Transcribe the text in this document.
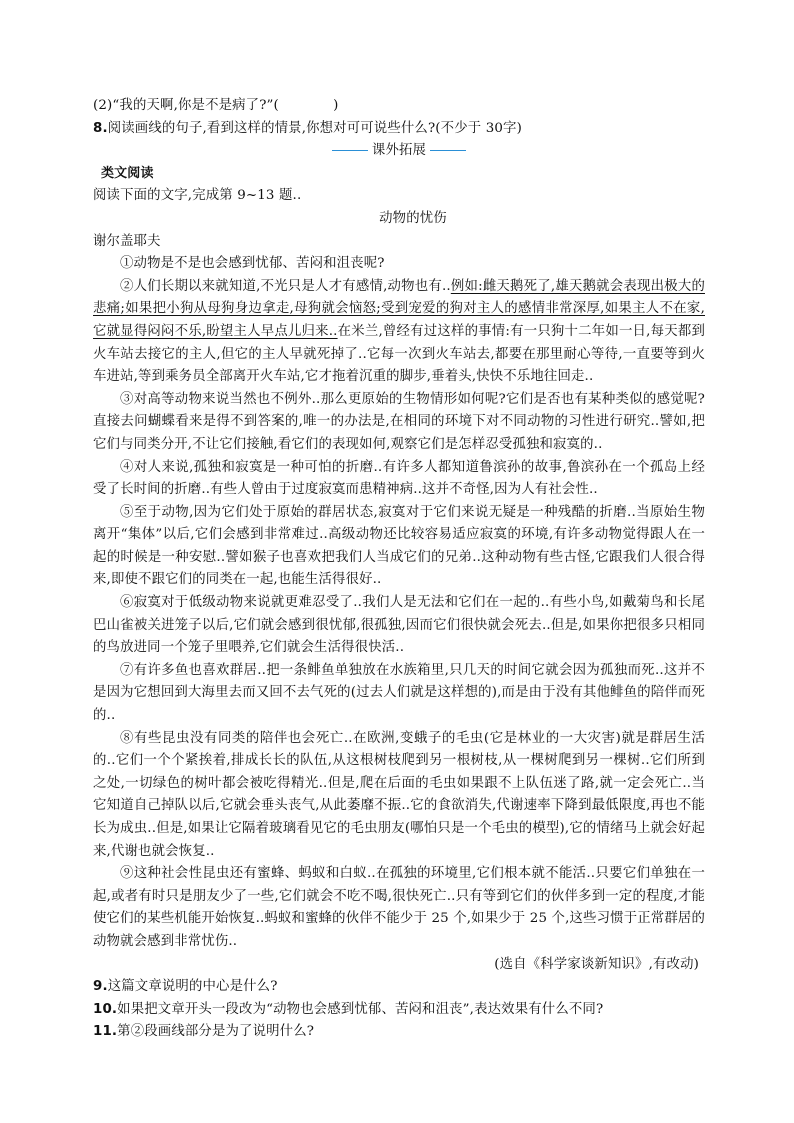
(2)“我的天啊,你是不是病了?”(　　　　)
8.阅读画线的句子,看到这样的情景,你想对可可说些什么?(不少于 30字)
课外拓展
类文阅读
阅读下面的文字,完成第 9~13 题..
动物的忧伤
谢尔盖耶夫

①动物是不是也会感到忧郁、苦闷和沮丧呢?

②人们长期以来就知道,不光只是人才有感情,动物也有..例如:雌天鹅死了,雄天鹅就会表现出极大的悲痛;如果把小狗从母狗身边拿走,母狗就会恼怒;受到宠爱的狗对主人的感情非常深厚,如果主人不在家,它就显得闷闷不乐,盼望主人早点儿归来..在米兰,曾经有过这样的事情:有一只狗十二年如一日,每天都到火车站去接它的主人,但它的主人早就死掉了..它每一次到火车站去,都要在那里耐心等待,一直要等到火车进站,等到乘务员全部离开火车站,它才拖着沉重的脚步,垂着头,快快不乐地往回走..

③对高等动物来说当然也不例外..那么更原始的生物情形如何呢?它们是否也有某种类似的感觉呢?直接去问蝴蝶看来是得不到答案的,唯一的办法是,在相同的环境下对不同动物的习性进行研究..譬如,把它们与同类分开,不让它们接触,看它们的表现如何,观察它们是怎样忍受孤独和寂寞的..

④对人来说,孤独和寂寞是一种可怕的折磨..有许多人都知道鲁滨孙的故事,鲁滨孙在一个孤岛上经受了长时间的折磨..有些人曾由于过度寂寞而患精神病..这并不奇怪,因为人有社会性..

⑤至于动物,因为它们处于原始的群居状态,寂寞对于它们来说无疑是一种残酷的折磨..当原始生物离开“集体”以后,它们会感到非常难过..高级动物还比较容易适应寂寞的环境,有许多动物觉得跟人在一起的时候是一种安慰..譬如猴子也喜欢把我们人当成它们的兄弟..这种动物有些古怪,它跟我们人很合得来,即使不跟它们的同类在一起,也能生活得很好..

⑥寂寞对于低级动物来说就更难忍受了..我们人是无法和它们在一起的..有些小鸟,如戴菊鸟和长尾巴山雀被关进笼子以后,它们就会感到很忧郁,很孤独,因而它们很快就会死去..但是,如果你把很多只相同的鸟放进同一个笼子里喂养,它们就会生活得很快活..

⑦有许多鱼也喜欢群居..把一条鲱鱼单独放在水族箱里,只几天的时间它就会因为孤独而死..这并不是因为它想回到大海里去而又回不去气死的(过去人们就是这样想的),而是由于没有其他鲱鱼的陪伴而死的..

⑧有些昆虫没有同类的陪伴也会死亡..在欧洲,变蛾子的毛虫(它是林业的一大灾害)就是群居生活的..它们一个个紧挨着,排成长长的队伍,从这根树枝爬到另一根树枝,从一棵树爬到另一棵树..它们所到之处,一切绿色的树叶都会被吃得精光..但是,爬在后面的毛虫如果跟不上队伍迷了路,就一定会死亡..当它知道自己掉队以后,它就会垂头丧气,从此萎靡不振..它的食欲消失,代谢速率下降到最低限度,再也不能长为成虫..但是,如果让它隔着玻璃看见它的毛虫朋友(哪怕只是一个毛虫的模型),它的情绪马上就会好起来,代谢也就会恢复..

⑨这种社会性昆虫还有蜜蜂、蚂蚁和白蚁..在孤独的环境里,它们根本就不能活..只要它们单独在一起,或者有时只是朋友少了一些,它们就会不吃不喝,很快死亡..只有等到它们的伙伴多到一定的程度,才能使它们的某些机能开始恢复..蚂蚁和蜜蜂的伙伴不能少于 25 个,如果少于 25 个,这些习惯于正常群居的动物就会感到非常忧伤..

(选自《科学家谈新知识》,有改动)
9.这篇文章说明的中心是什么?
10.如果把文章开头一段改为“动物也会感到忧郁、苦闷和沮丧”,表达效果有什么不同?
11.第②段画线部分是为了说明什么?
